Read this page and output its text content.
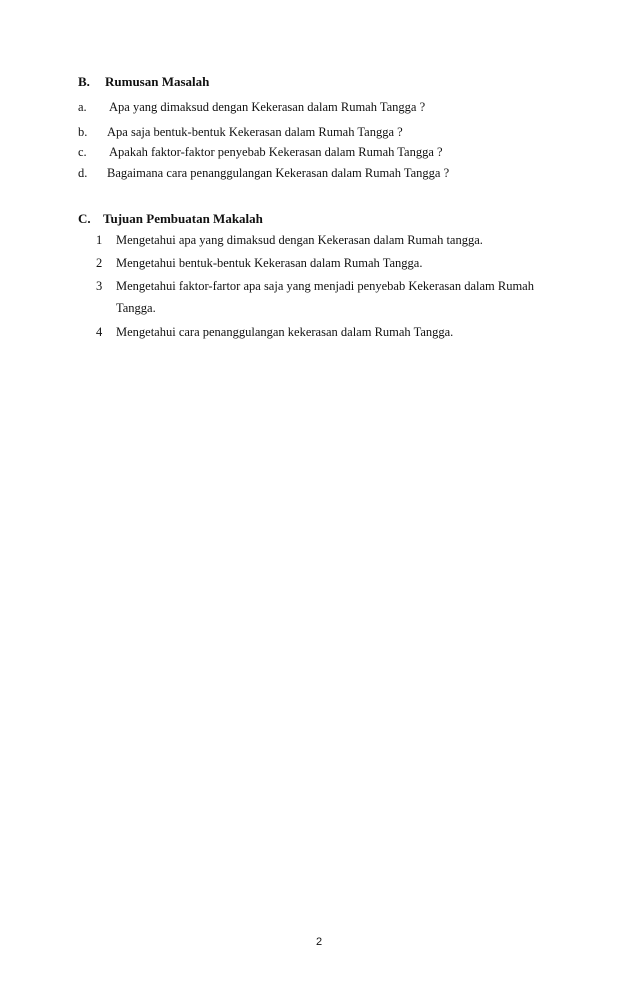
B. Rumusan Masalah
a. Apa yang dimaksud dengan Kekerasan dalam Rumah Tangga ?
b. Apa saja bentuk-bentuk Kekerasan dalam Rumah Tangga ?
c. Apakah faktor-faktor penyebab Kekerasan dalam Rumah Tangga ?
d. Bagaimana cara penanggulangan Kekerasan dalam Rumah Tangga ?
C. Tujuan Pembuatan Makalah
1 Mengetahui apa yang dimaksud dengan Kekerasan dalam Rumah tangga.
2 Mengetahui bentuk-bentuk Kekerasan dalam Rumah Tangga.
3 Mengetahui faktor-fartor apa saja yang menjadi penyebab Kekerasan dalam Rumah
Tangga.
4 Mengetahui cara penanggulangan kekerasan dalam Rumah Tangga.
2
